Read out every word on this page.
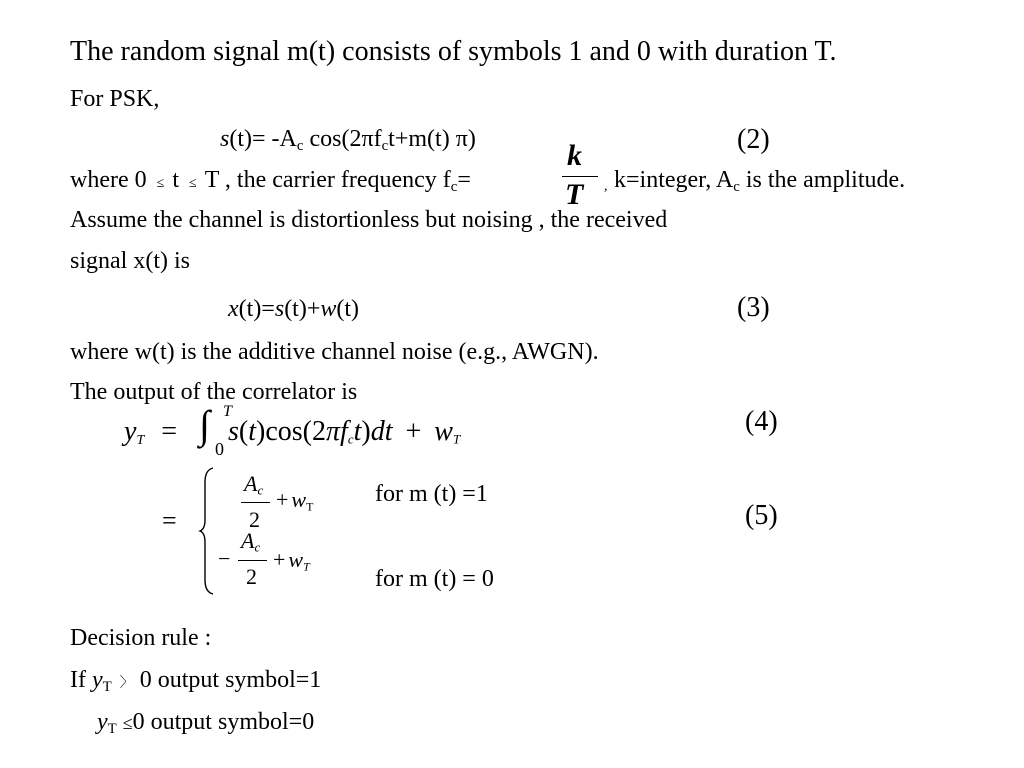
The random signal m(t) consists of symbols 1 and 0 with duration T.
For PSK,
$s(t)= -A_c$ $\cos(2\pi f_ct+m(t)$ π)	(2)
where 0 ≤ t ≤ T , the carrier frequency $f_c=$
k
T , k=integer, $A_c$ is the amplitude.
Assume the channel is distortionless but noising , the received
signal x(t) is
x(t)=s(t)+w(t)	(3)
where w(t) is the additive channel noise (e.g., AWGN).
The output of the correlator is
$y_T$ = ∫ T
0
$s(t)\cos(2\pi f_ct)dt + w_T$
(4)
=
$A_c$
2
+ $w_T$	for m (t) =1
−
$A_c$
2
+ $w_T$	for m (t) = 0
(5)
Decision rule :
If $y_T$ 〉 0 output symbol=1
$y_T \le 0$ output symbol=0
